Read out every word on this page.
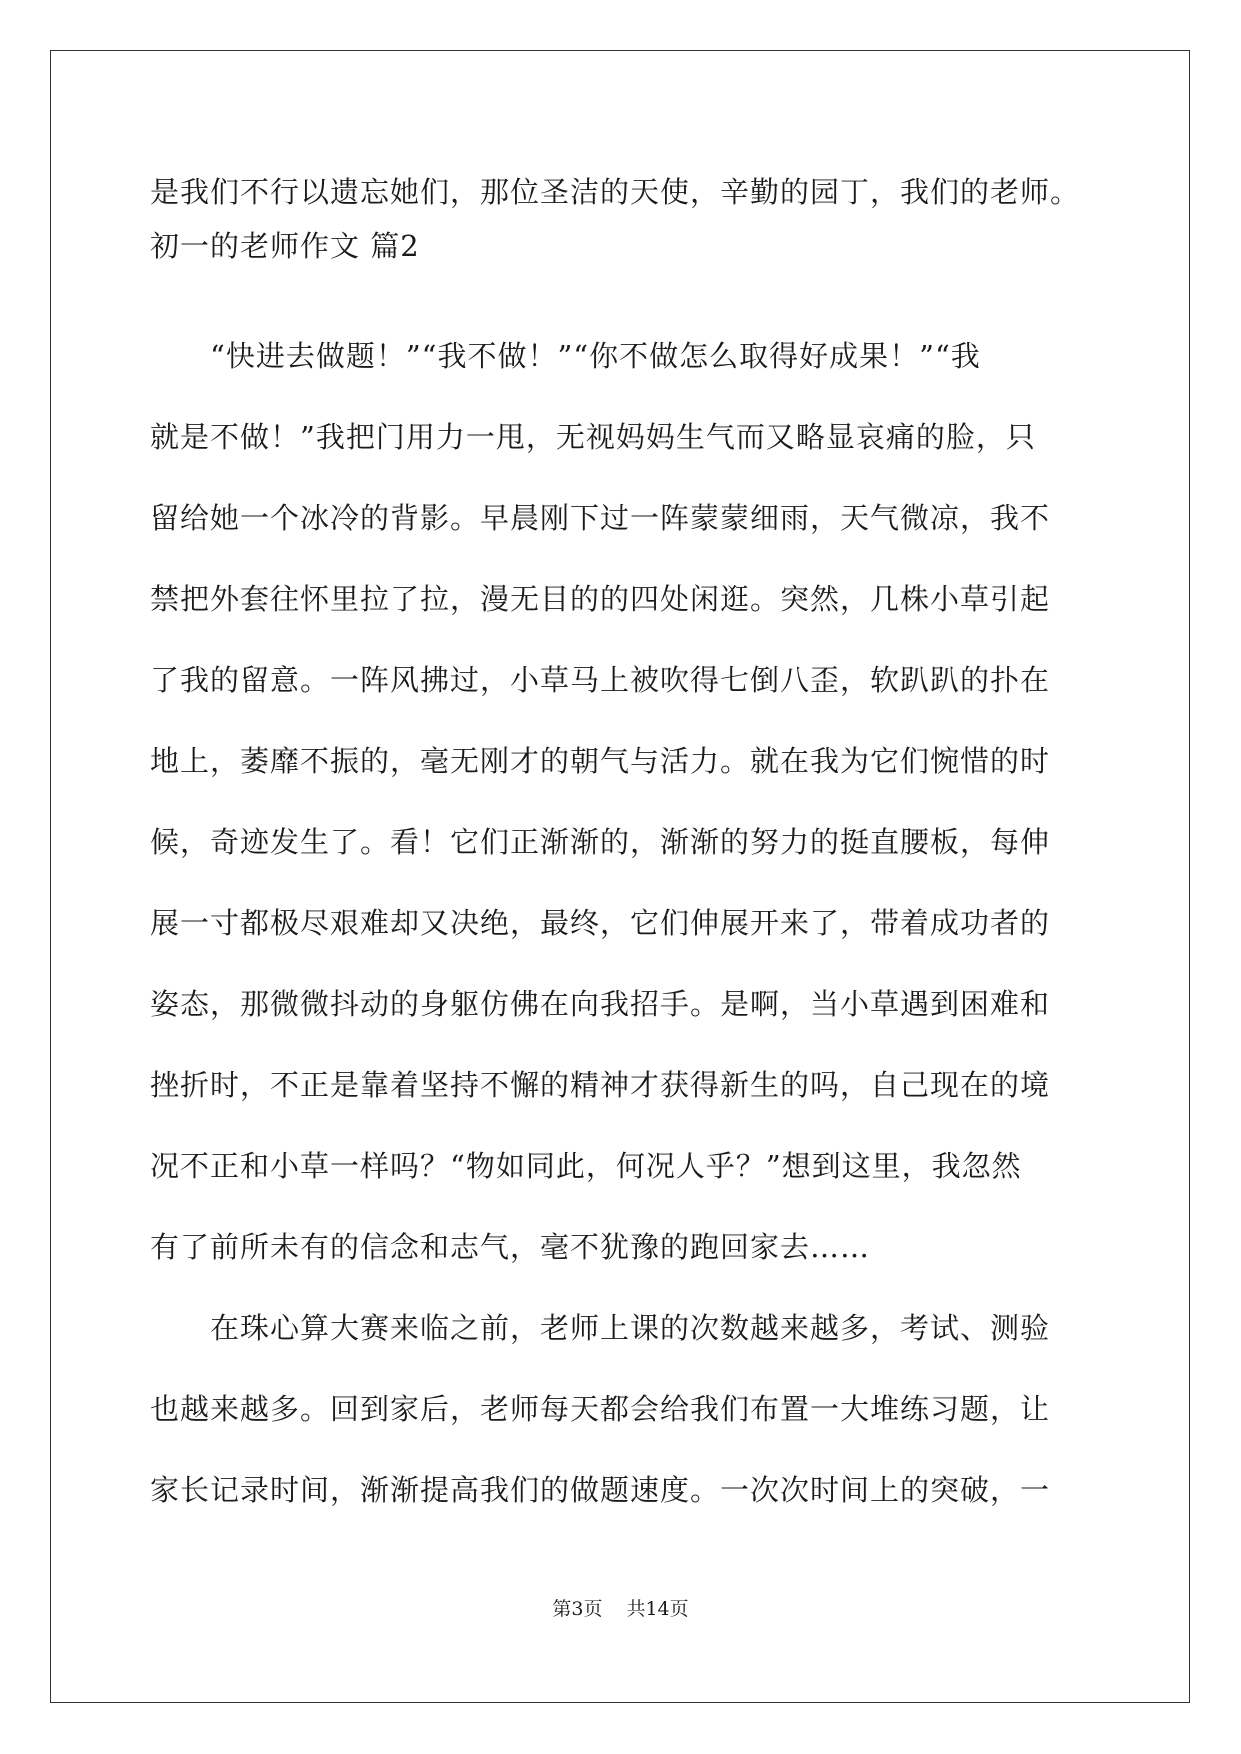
是我们不行以遗忘她们，那位圣洁的天使，辛勤的园丁，我们的老师。
初一的老师作文 篇2
　　“快进去做题！”“我不做！”“你不做怎么取得好成果！”“我
就是不做！”我把门用力一甩，无视妈妈生气而又略显哀痛的脸，只
留给她一个冰冷的背影。早晨刚下过一阵蒙蒙细雨，天气微凉，我不
禁把外套往怀里拉了拉，漫无目的的四处闲逛。突然，几株小草引起
了我的留意。一阵风拂过，小草马上被吹得七倒八歪，软趴趴的扑在
地上，萎靡不振的，毫无刚才的朝气与活力。就在我为它们惋惜的时
候，奇迹发生了。看！它们正渐渐的，渐渐的努力的挺直腰板，每伸
展一寸都极尽艰难却又决绝，最终，它们伸展开来了，带着成功者的
姿态，那微微抖动的身躯仿佛在向我招手。是啊，当小草遇到困难和
挫折时，不正是靠着坚持不懈的精神才获得新生的吗，自己现在的境
况不正和小草一样吗？“物如同此，何况人乎？”想到这里，我忽然
有了前所未有的信念和志气，毫不犹豫的跑回家去……
　　在珠心算大赛来临之前，老师上课的次数越来越多，考试、测验
也越来越多。回到家后，老师每天都会给我们布置一大堆练习题，让
家长记录时间，渐渐提高我们的做题速度。一次次时间上的突破，一
第3页 共14页
